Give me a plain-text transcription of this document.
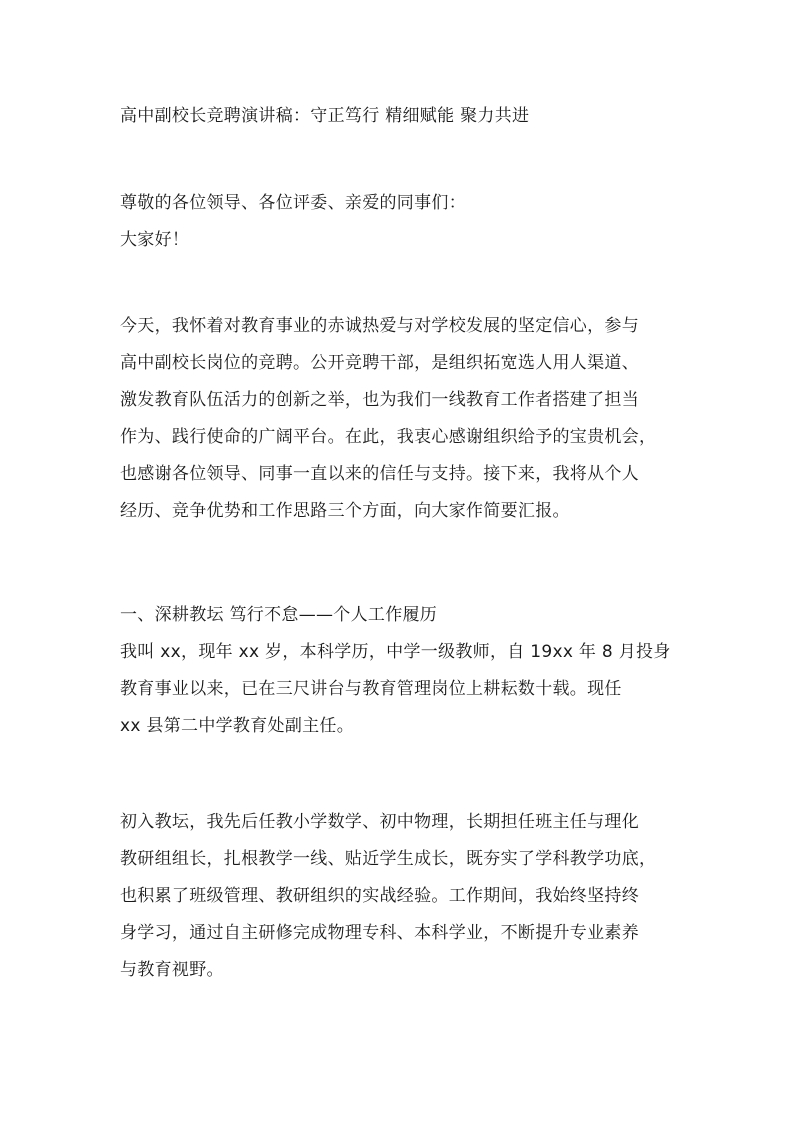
高中副校长竞聘演讲稿：守正笃行 精细赋能 聚力共进

尊敬的各位领导、各位评委、亲爱的同事们：

大家好！

今天，我怀着对教育事业的赤诚热爱与对学校发展的坚定信心，参与

高中副校长岗位的竞聘。公开竞聘干部，是组织拓宽选人用人渠道、

激发教育队伍活力的创新之举，也为我们一线教育工作者搭建了担当

作为、践行使命的广阔平台。在此，我衷心感谢组织给予的宝贵机会，

也感谢各位领导、同事一直以来的信任与支持。接下来，我将从个人

经历、竞争优势和工作思路三个方面，向大家作简要汇报。

一、深耕教坛 笃行不怠——个人工作履历

我叫 xx，现年 xx 岁，本科学历，中学一级教师，自 19xx 年 8 月投身

教育事业以来，已在三尺讲台与教育管理岗位上耕耘数十载。现任

xx 县第二中学教育处副主任。

初入教坛，我先后任教小学数学、初中物理，长期担任班主任与理化

教研组组长，扎根教学一线、贴近学生成长，既夯实了学科教学功底，

也积累了班级管理、教研组织的实战经验。工作期间，我始终坚持终

身学习，通过自主研修完成物理专科、本科学业，不断提升专业素养

与教育视野。
